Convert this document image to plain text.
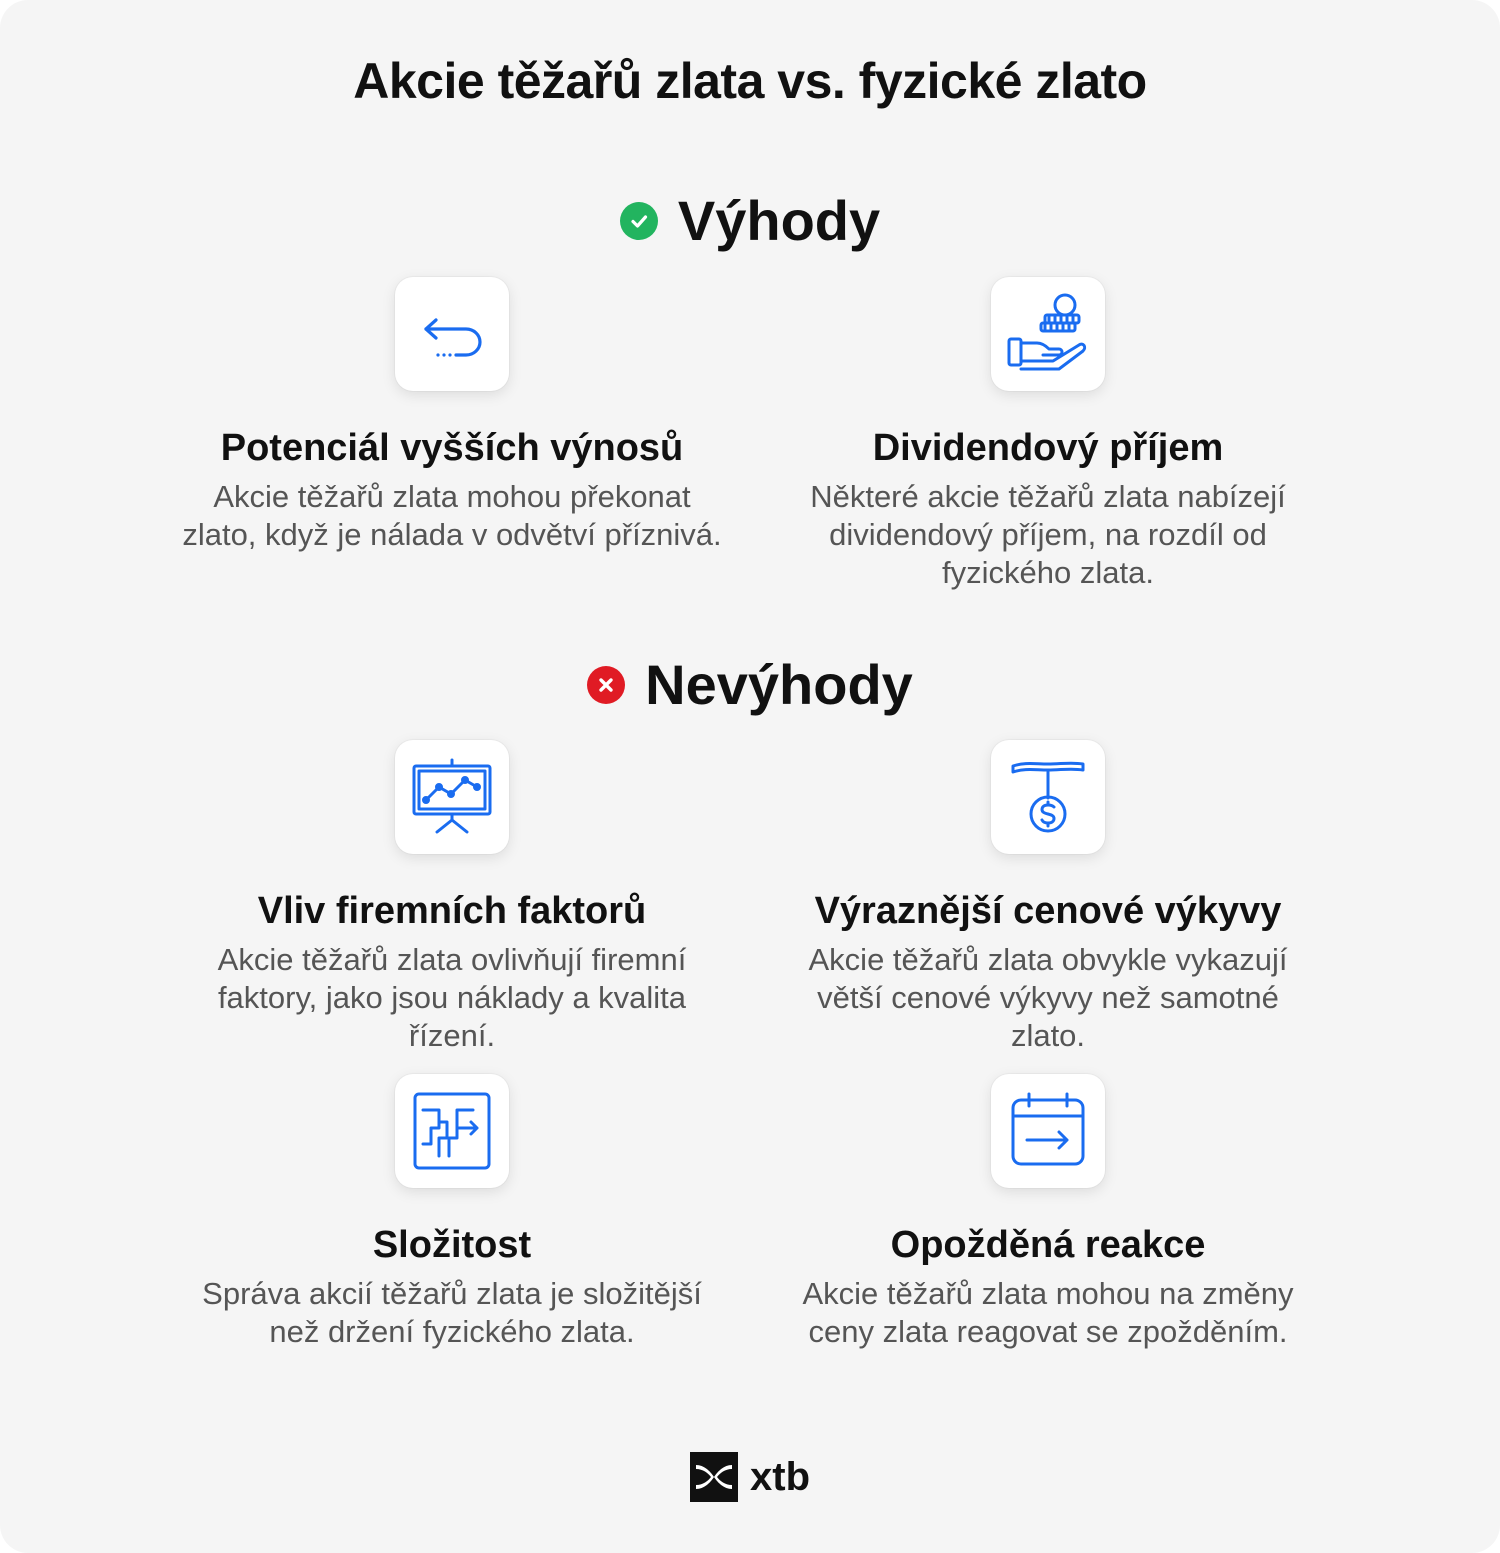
Akcie těžařů zlata vs. fyzické zlato
Výhody
Potenciál vyšších výnosů
Akcie těžařů zlata mohou překonat zlato, když je nálada v odvětví příznivá.
Dividendový příjem
Některé akcie těžařů zlata nabízejí dividendový příjem, na rozdíl od fyzického zlata.
Nevýhody
Vliv firemních faktorů
Akcie těžařů zlata ovlivňují firemní faktory, jako jsou náklady a kvalita řízení.
Výraznější cenové výkyvy
Akcie těžařů zlata obvykle vykazují větší cenové výkyvy než samotné zlato.
Složitost
Správa akcií těžařů zlata je složitější než držení fyzického zlata.
Opožděná reakce
Akcie těžařů zlata mohou na změny ceny zlata reagovat se zpožděním.
xtb
